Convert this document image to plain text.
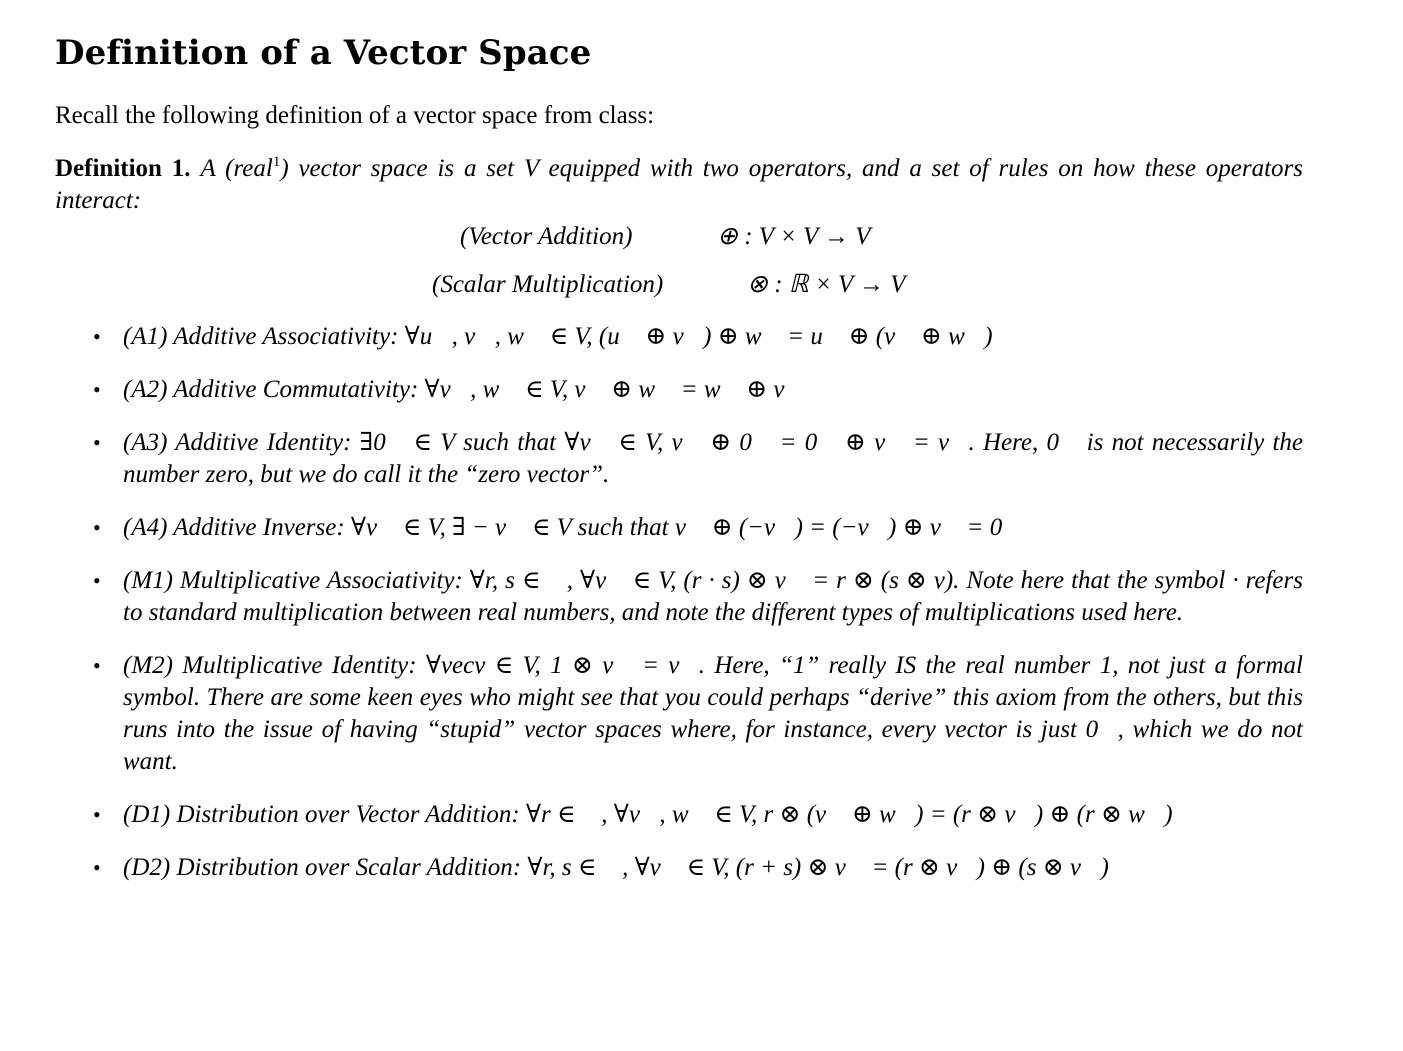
Definition of a Vector Space

Recall the following definition of a vector space from class:

Definition 1. A (real$^1$) vector space is a set V equipped with two operators, and a set of rules on how these operators interact:

(Vector Addition)	⊕ : V × V → V
(Scalar Multiplication)	⊗ : ℝ × V → V
• (A1) Additive Associativity: ∀u⃗, v⃗, w⃗ ∈ V, (u⃗ ⊕ v⃗) ⊕ w⃗ = u⃗ ⊕ (v⃗ ⊕ w⃗)
• (A2) Additive Commutativity: ∀v⃗, w⃗ ∈ V, v⃗ ⊕ w⃗ = w⃗ ⊕ v⃗
• (A3) Additive Identity: ∃0⃗ ∈ V such that ∀v⃗ ∈ V, v⃗ ⊕ 0⃗ = 0⃗ ⊕ v⃗ = v⃗. Here, 0⃗ is not necessarily the number zero, but we do call it the “zero vector”.
• (A4) Additive Inverse: ∀v⃗ ∈ V, ∃ − v⃗ ∈ V such that v⃗ ⊕ (−v⃗) = (−v⃗) ⊕ v⃗ = 0⃗
• (M1) Multiplicative Associativity: ∀r, s ∈ ℝ, ∀v⃗ ∈ V, (r · s) ⊗ v⃗ = r ⊗ (s ⊗ v). Note here that the symbol · refers to standard multiplication between real numbers, and note the different types of multiplications used here.
• (M2) Multiplicative Identity: ∀vecv ∈ V, 1 ⊗ v⃗ = v⃗. Here, “1” really IS the real number 1, not just a formal symbol. There are some keen eyes who might see that you could perhaps “derive” this axiom from the others, but this runs into the issue of having “stupid” vector spaces where, for instance, every vector is just 0⃗, which we do not want.
• (D1) Distribution over Vector Addition: ∀r ∈ ℝ, ∀v⃗, w⃗ ∈ V, r ⊗ (v⃗ ⊕ w⃗) = (r ⊗ v⃗) ⊕ (r ⊗ w⃗)
• (D2) Distribution over Scalar Addition: ∀r, s ∈ ℝ, ∀v⃗ ∈ V, (r + s) ⊗ v⃗ = (r ⊗ v⃗) ⊕ (s ⊗ v⃗)
